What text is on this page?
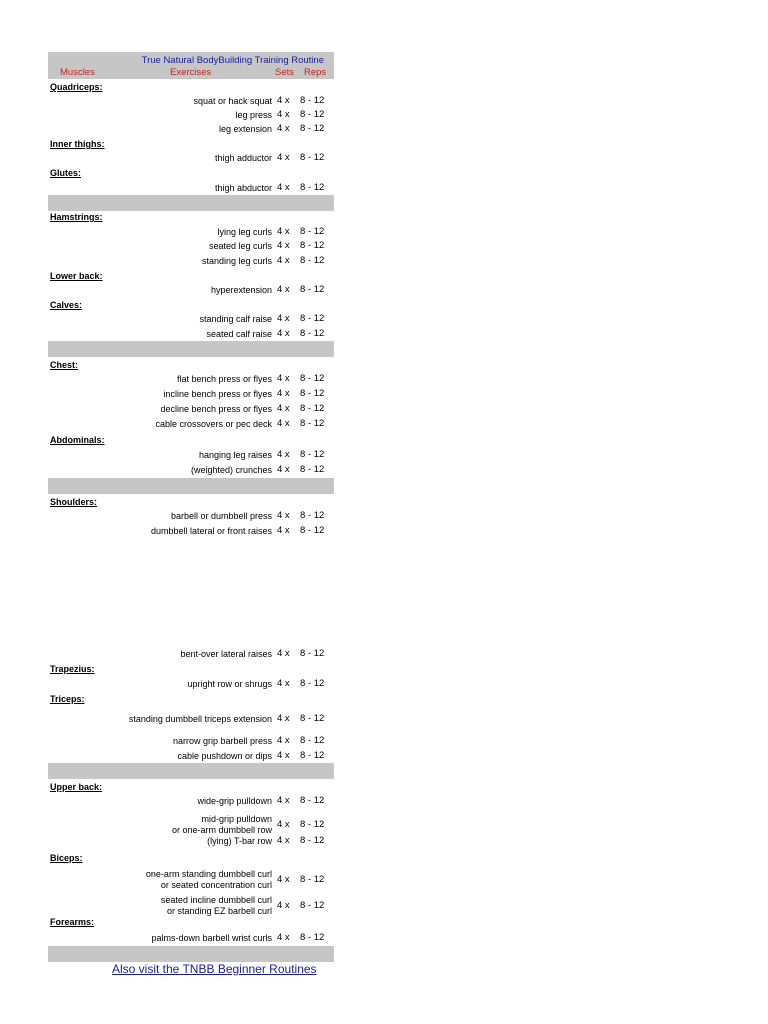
True Natural BodyBuilding Training Routine
Muscles	Exercises	Sets Reps
Quadriceps:
squat or hack squat 4 x 8 - 12
leg press 4 x 8 - 12
leg extension 4 x 8 - 12
Inner thighs:
thigh adductor 4 x 8 - 12
Glutes:
thigh abductor 4 x 8 - 12
Hamstrings:
lying leg curls 4 x 8 - 12
seated leg curls 4 x 8 - 12
standing leg curls 4 x 8 - 12
Lower back:
hyperextension 4 x 8 - 12
Calves:
standing calf raise 4 x 8 - 12
seated calf raise 4 x 8 - 12
Chest:
flat bench press or flyes 4 x 8 - 12
incline bench press or flyes 4 x 8 - 12
decline bench press or flyes 4 x 8 - 12
cable crossovers or pec deck 4 x 8 - 12
Abdominals:
hanging leg raises 4 x 8 - 12
(weighted) crunches 4 x 8 - 12
Shoulders:
barbell or dumbbell press 4 x 8 - 12
dumbbell lateral or front raises 4 x 8 - 12
bent-over lateral raises 4 x 8 - 12
Trapezius:
upright row or shrugs 4 x 8 - 12
Triceps:
standing dumbbell triceps extension 4 x 8 - 12
narrow grip barbell press 4 x 8 - 12
cable pushdown or dips 4 x 8 - 12
Upper back:
wide-grip pulldown 4 x 8 - 12
mid-grip pulldown
or one-arm dumbbell row 4 x 8 - 12
(lying) T-bar row 4 x 8 - 12
Biceps:
one-arm standing dumbbell curl
or seated concentration curl 4 x 8 - 12
seated incline dumbbell curl
or standing EZ barbell curl 4 x 8 - 12
Forearms:
palms-down barbell wrist curls 4 x 8 - 12
Also visit the TNBB Beginner Routines
